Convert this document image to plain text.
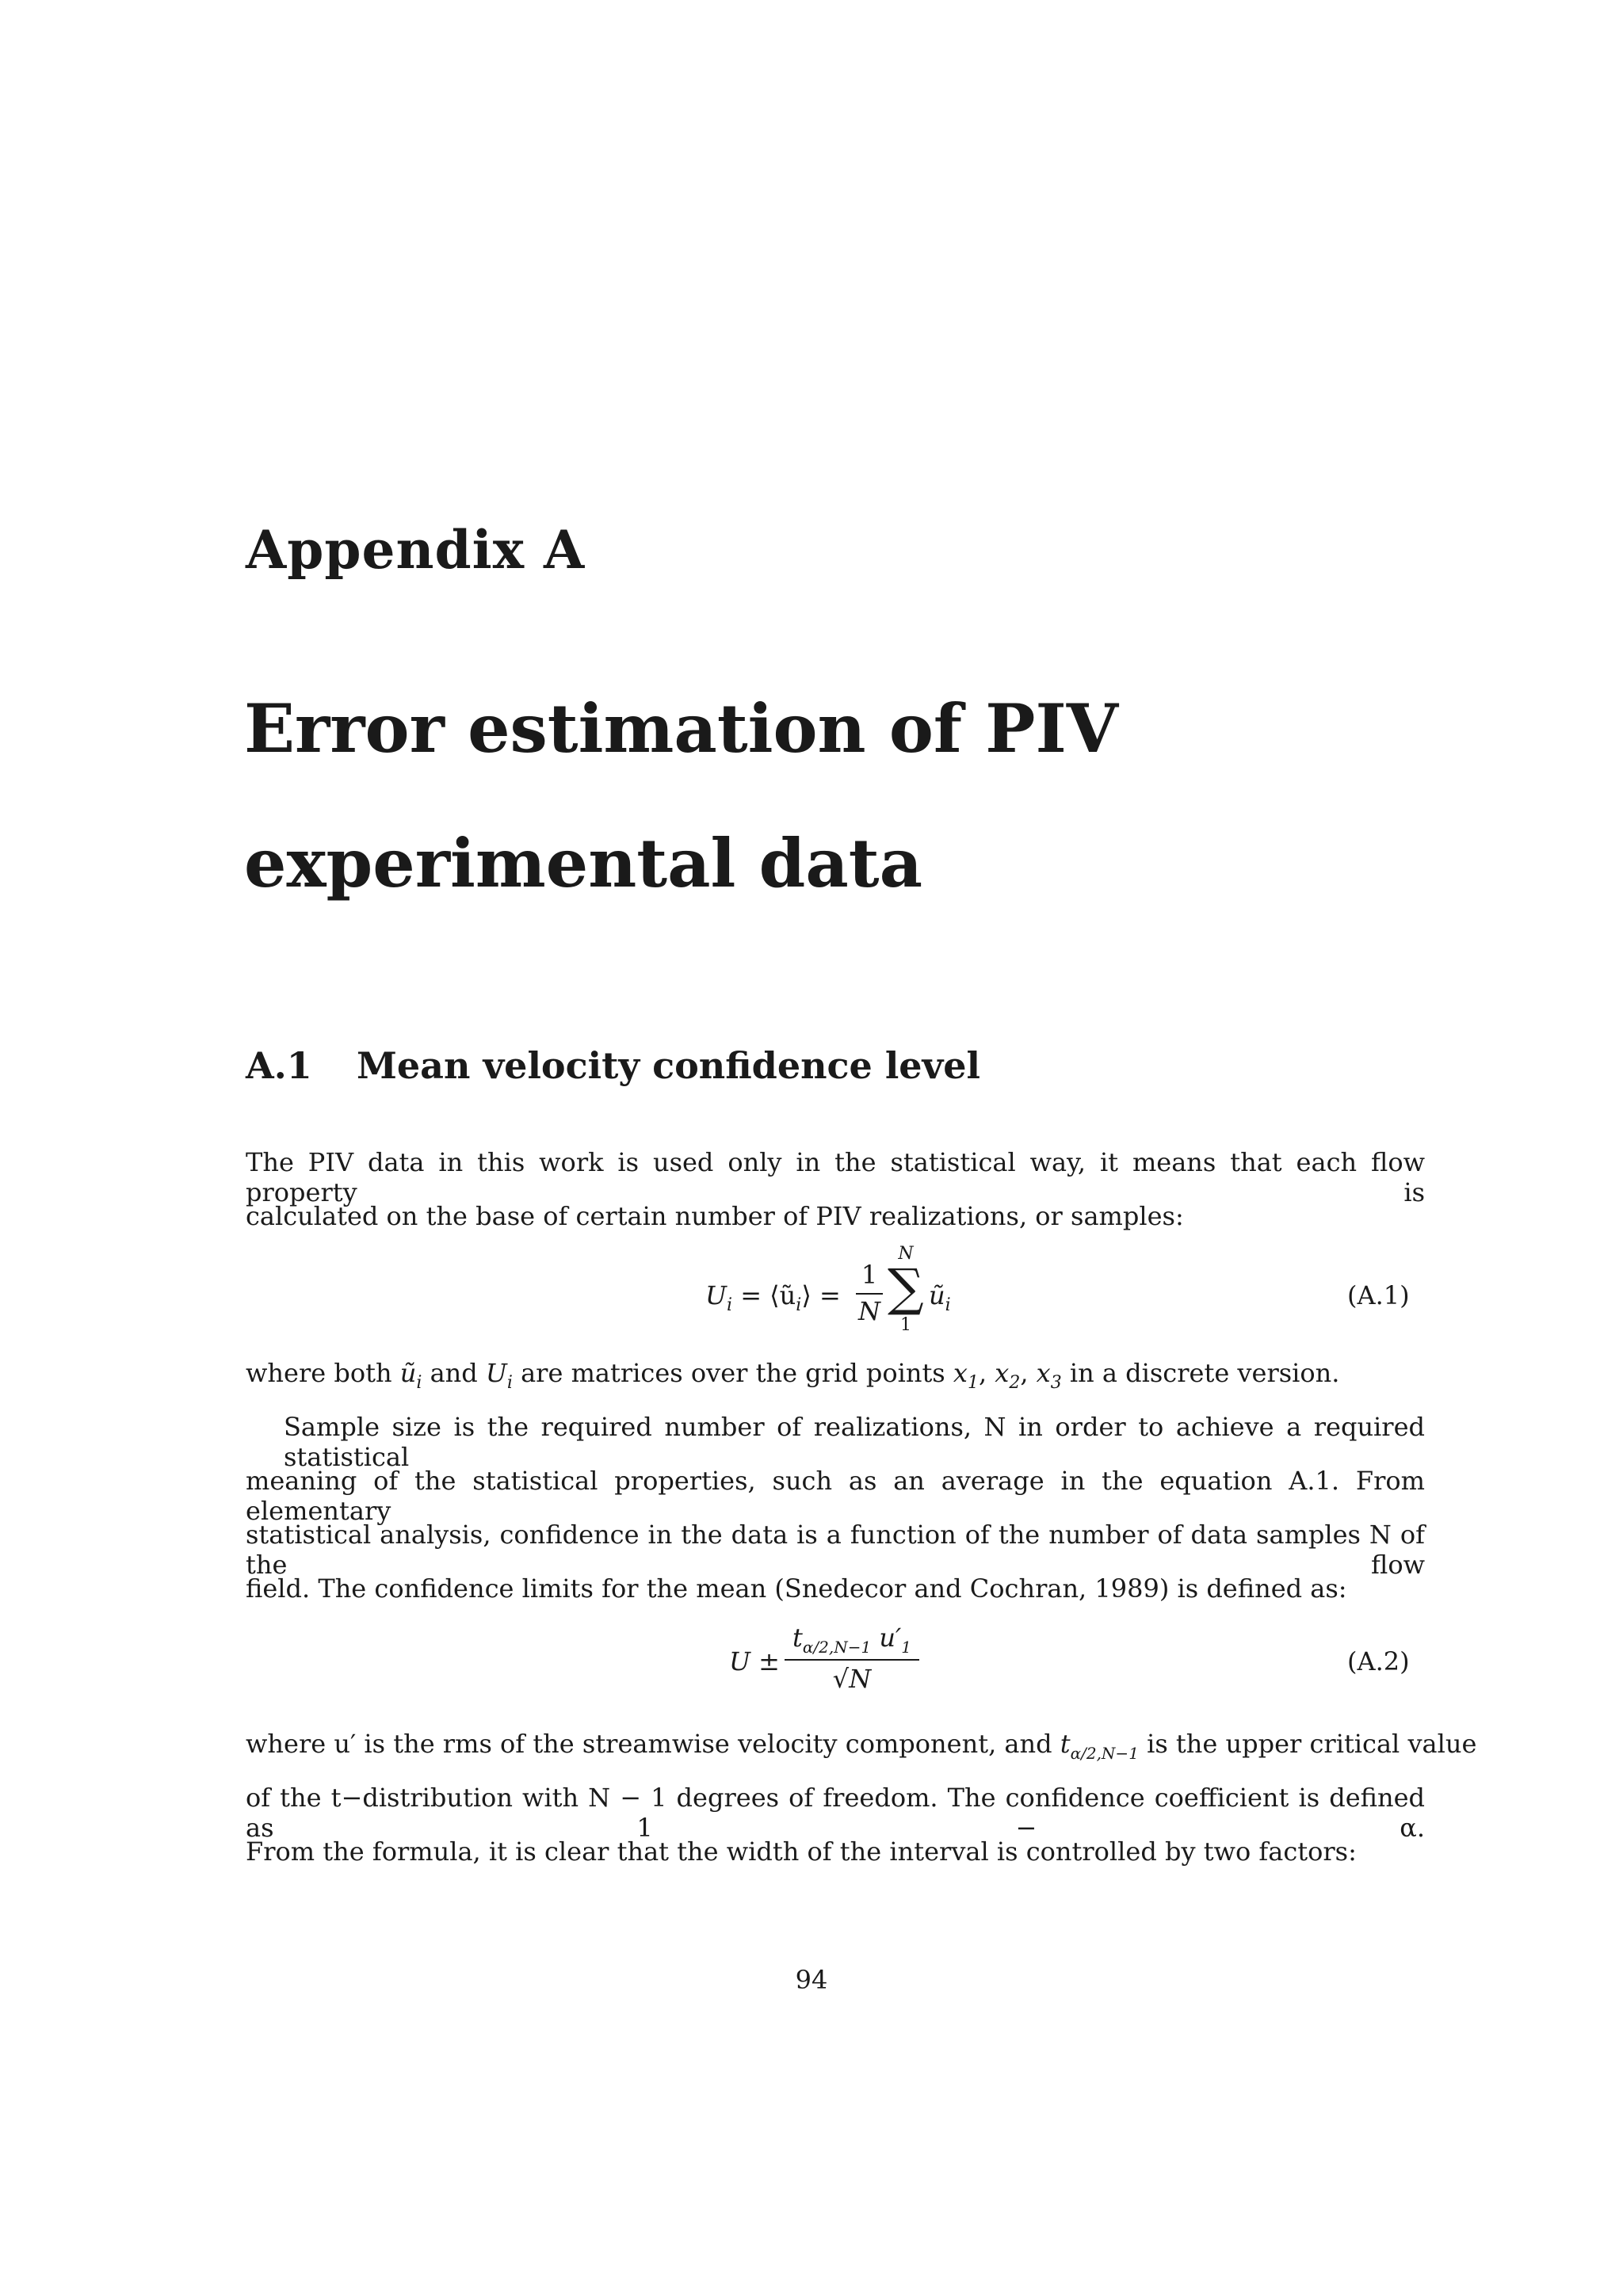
Appendix A
Error estimation of PIV
experimental data
A.1 Mean velocity confidence level
The PIV data in this work is used only in the statistical way, it means that each flow property is
calculated on the base of certain number of PIV realizations, or samples:
$U_i$ = $⟨ũ_i⟩$ =
1
N
N
∑
1
$ũ_i$	(A.1)
where both $ũ_i$ and $U_i$ are matrices over the grid points $x_1$, $x_2$, $x_3$ in a discrete version.
Sample size is the required number of realizations, N in order to achieve a required statistical
meaning of the statistical properties, such as an average in the equation A.1. From elementary
statistical analysis, confidence in the data is a function of the number of data samples N of the flow
field. The confidence limits for the mean (Snedecor and Cochran, 1989) is defined as:
U ±
tα/2,N−1 u′1
√N
(A.2)
where u′ is the rms of the streamwise velocity component, and $t_{\alpha/2,N-1}$ is the upper critical value
of the t−distribution with N − 1 degrees of freedom. The confidence coefficient is defined as 1 − α.
From the formula, it is clear that the width of the interval is controlled by two factors:
94
